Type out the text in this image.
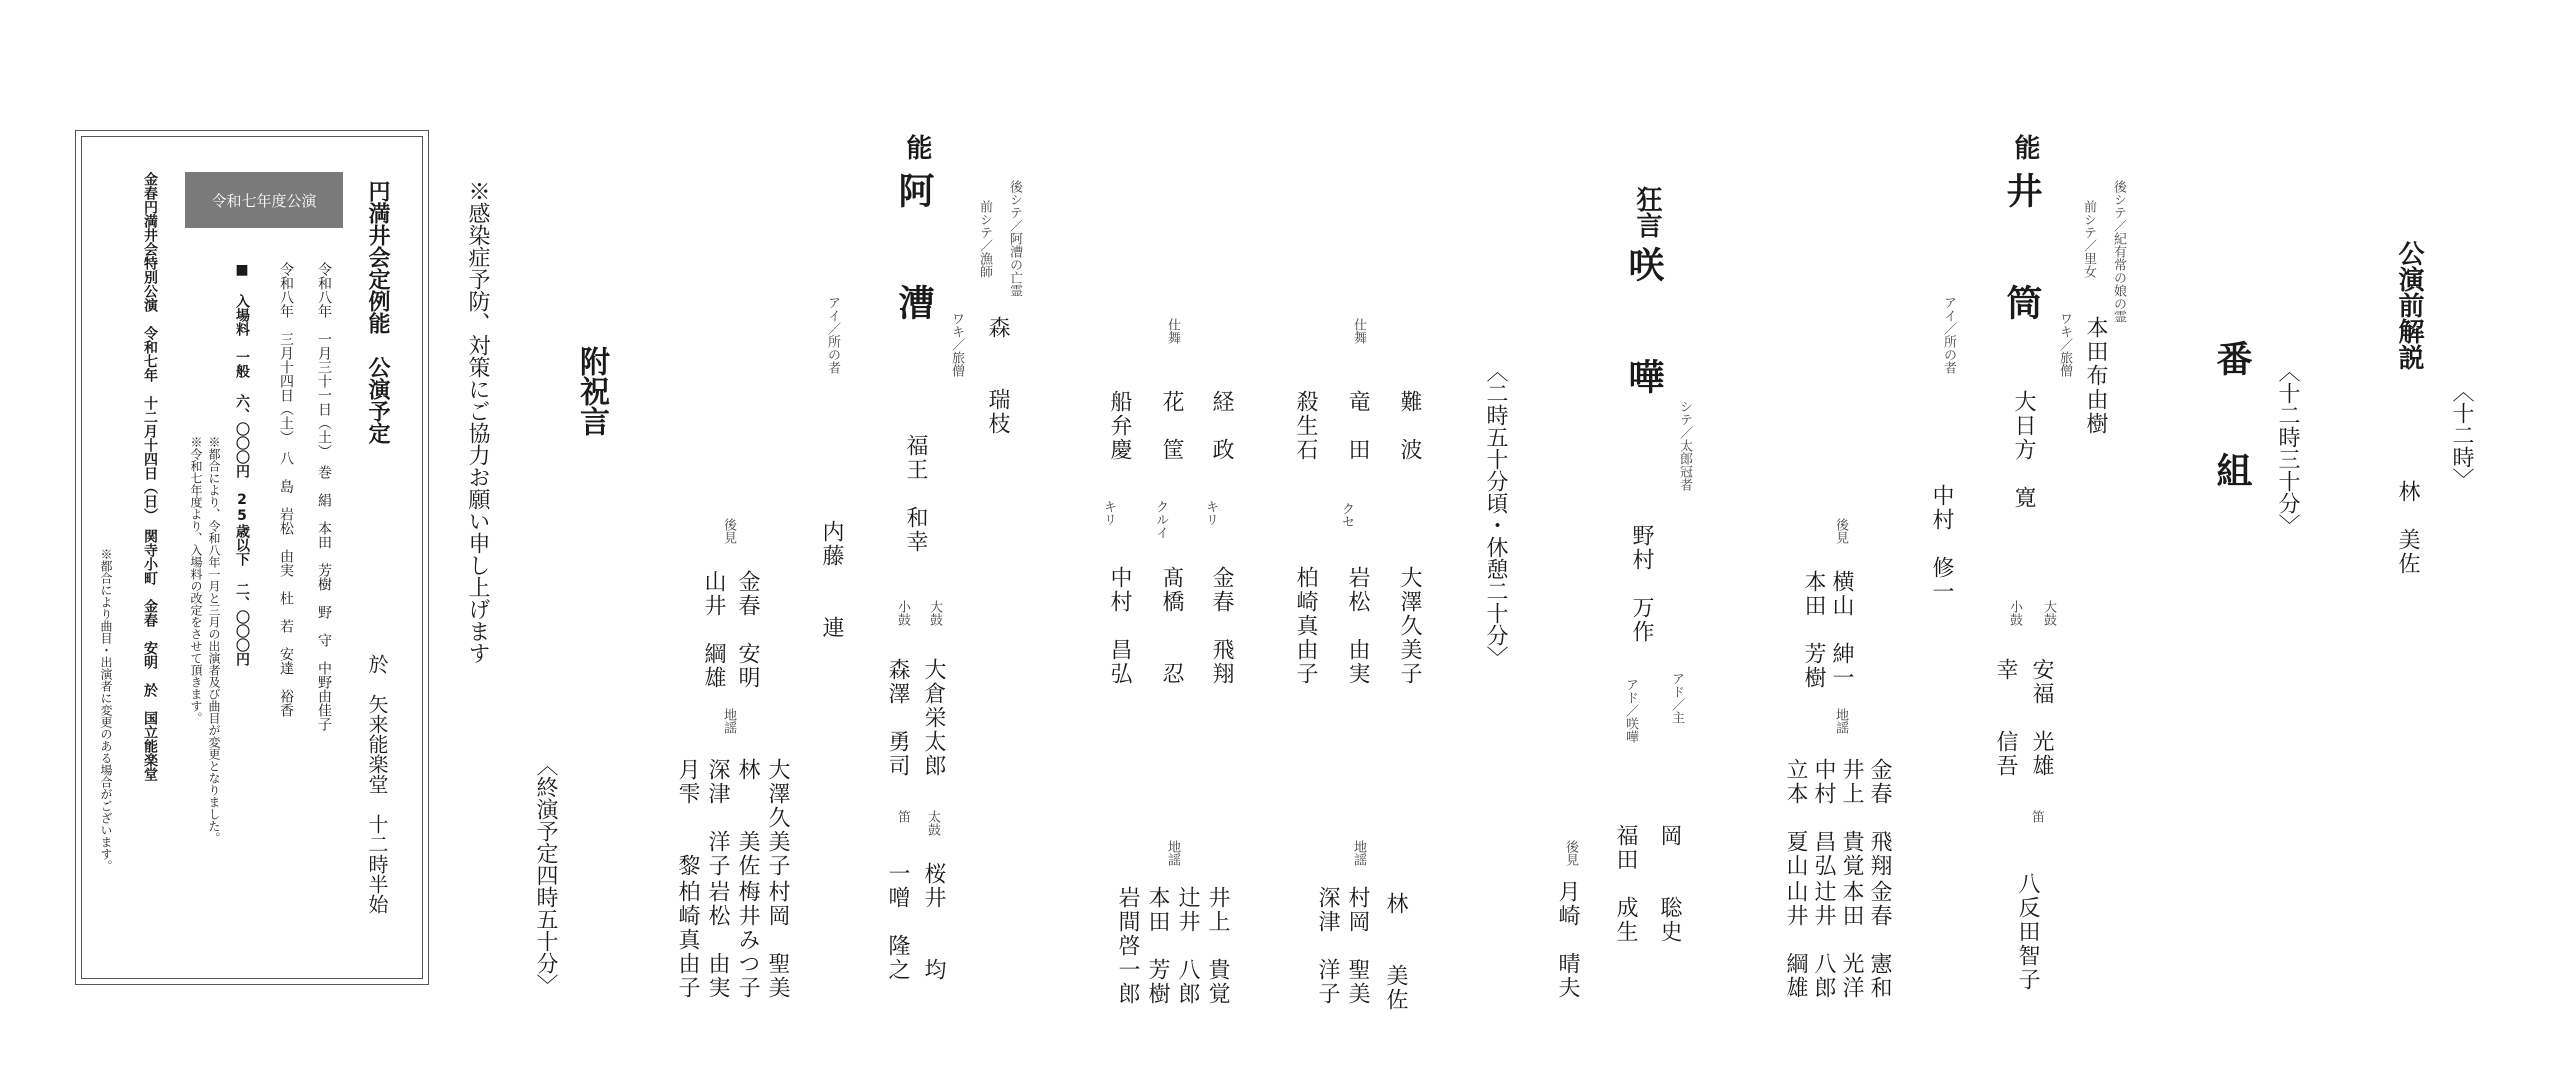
〈十二時〉
公演前解説
林　美佐
〈十二時三十分〉
番　組
能
井　筒	後シテ／紀有常の娘の霊
前シテ／里女
本田布由樹
ワキ／旅僧
大日方　寛
アイ／所の者
中村　修一
大鼓
安福　光雄
小鼓
幸　　信吾
笛
八反田智子
後見
横山　紳一
本田　芳樹
地謡
金春　飛翔
井上　貴覚
中村　昌弘
立本　夏山
金春　憲和
本田　光洋
辻井　八郎
山井　綱雄
〈二時五十分頃・休憩二十分〉
狂言
咲　嘩
シテ／太郎冠者
野村　万作
アド／主
岡　　聡史
アド／咲嘩
福田　成生
後見
月崎　晴夫
仕舞
難　波
大澤久美子
竜　田
クセ
岩松　由実
殺生石
柏崎真由子
地謡
林　　美佐
村岡　聖美
深津　洋子
仕舞
経　政
キリ
金春　飛翔
花　筐
クルイ
髙橋　　忍
船弁慶
キリ
中村　昌弘
地謡
井上　貴覚
辻井　八郎
本田　芳樹
岩間啓一郎
能
阿　漕	後シテ／阿漕の亡霊
前シテ／漁師
森　　瑞枝
ワキ／旅僧
福王　和幸
アイ／所の者
内藤　　連	大鼓
大倉栄太郎
小鼓
森澤　勇司
太鼓
桜井　　均
笛
一噌　隆之
後見
金春　安明
山井　綱雄
地謡
大澤久美子
林　　美佐
深津　洋子
月雫　　黎
村岡　聖美
梅井みつ子
岩松　由実
柏崎真由子
附祝言
〈終演予定四時五十分〉
※感染症予防、対策にご協力お願い申し上げます
円満井会定例能　公演予定
於　矢来能楽堂　十二時半始
令和七年度公演
令和八年　一月三十一日（土）　巻　絹　本田　芳樹　野　守　中野由佳子
令和八年　三月十四日（土）　八　島　岩松　由実　杜　若　安達　裕香
■ 入場料　一般 六、〇〇〇円　25歳以下 二、〇〇〇円
※都合により、令和八年一月と三月の出演者及び曲目が変更となりました。
※令和七年度より、入場料の改定をさせて頂きます。
金春円満井会特別公演　令和七年　十二月十四日（日）　関寺小町　金春　安明　於　国立能楽堂
※都合により曲目・出演者に変更のある場合がございます。
